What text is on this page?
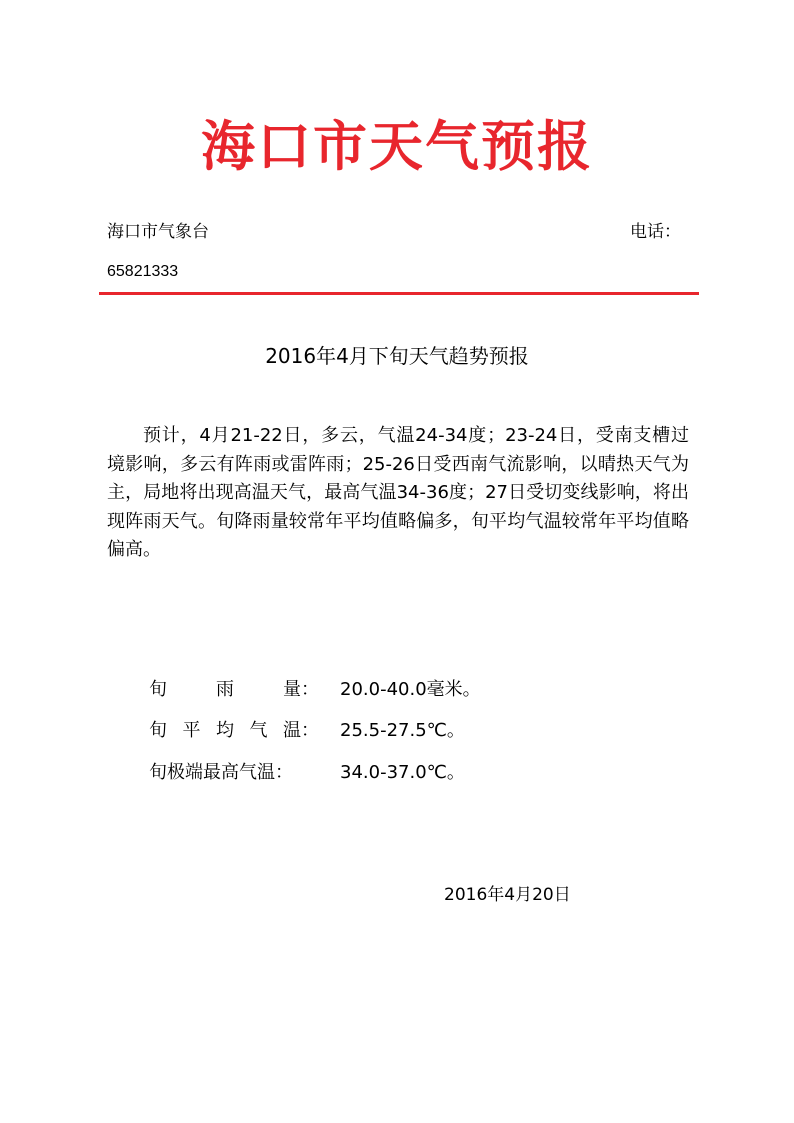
海口市天气预报
海口市气象台	电话：
65821333
2016年4月下旬天气趋势预报

预计，4月21-22日，多云，气温24-34度；23-24日，受南支槽过境影响，多云有阵雨或雷阵雨；25-26日受西南气流影响，以晴热天气为主，局地将出现高温天气，最高气温34-36度；27日受切变线影响，将出现阵雨天气。旬降雨量较常年平均值略偏多，旬平均气温较常年平均值略偏高。

旬	雨	量： 20.0-40.0毫米。
旬 平 均 气 温： 25.5-27.5℃。
旬极端最高气温：	34.0-37.0℃。
2016年4月20日
